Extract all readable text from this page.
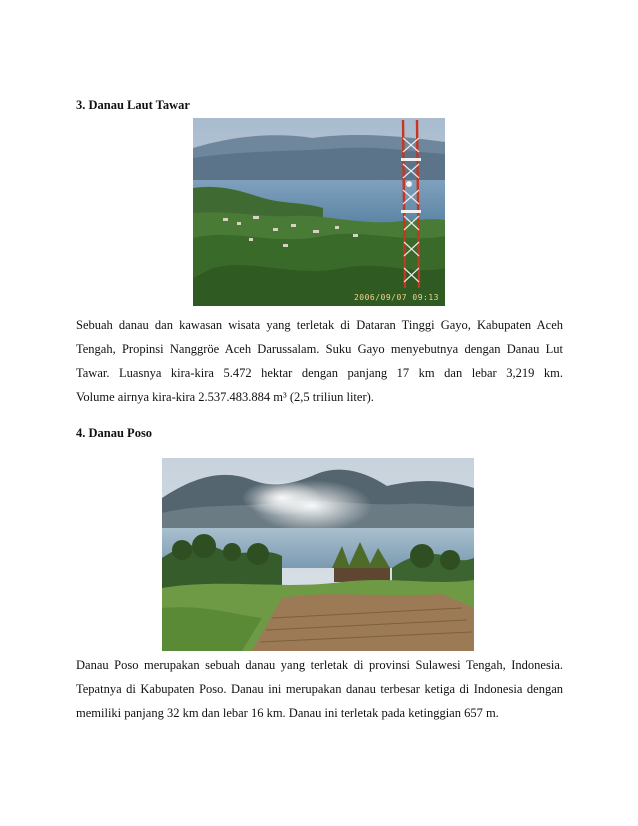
3. Danau Laut Tawar
2006/09/07 09:13

Sebuah danau dan kawasan wisata yang terletak di Dataran Tinggi Gayo, Kabupaten Aceh
Tengah, Propinsi Nanggröe Aceh Darussalam. Suku Gayo menyebutnya dengan Danau Lut
Tawar. Luasnya kira-kira 5.472 hektar dengan panjang 17 km dan lebar 3,219 km.
Volume airnya kira-kira 2.537.483.884 m³ (2,5 triliun liter).

4. Danau Poso

Danau Poso merupakan sebuah danau yang terletak di provinsi Sulawesi Tengah, Indonesia.
Tepatnya di Kabupaten Poso. Danau ini merupakan danau terbesar ketiga di Indonesia dengan
memiliki panjang 32 km dan lebar 16 km. Danau ini terletak pada ketinggian 657 m.
